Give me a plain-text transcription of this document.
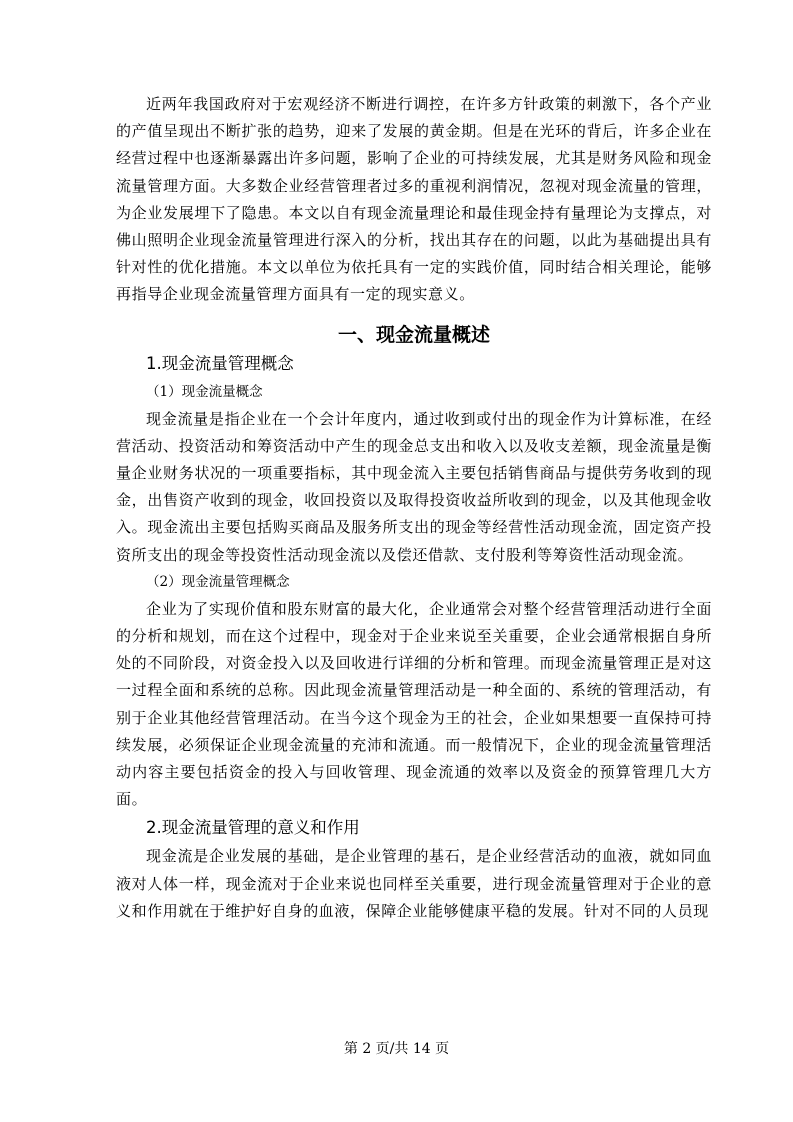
近两年我国政府对于宏观经济不断进行调控，在许多方针政策的刺激下，各个产业的产值呈现出不断扩张的趋势，迎来了发展的黄金期。但是在光环的背后，许多企业在经营过程中也逐渐暴露出许多问题，影响了企业的可持续发展，尤其是财务风险和现金流量管理方面。大多数企业经营管理者过多的重视利润情况，忽视对现金流量的管理，为企业发展埋下了隐患。本文以自有现金流量理论和最佳现金持有量理论为支撑点，对佛山照明企业现金流量管理进行深入的分析，找出其存在的问题，以此为基础提出具有针对性的优化措施。本文以单位为依托具有一定的实践价值，同时结合相关理论，能够再指导企业现金流量管理方面具有一定的现实意义。

一、现金流量概述

1.现金流量管理概念

（1）现金流量概念

现金流量是指企业在一个会计年度内，通过收到或付出的现金作为计算标准，在经营活动、投资活动和筹资活动中产生的现金总支出和收入以及收支差额，现金流量是衡量企业财务状况的一项重要指标，其中现金流入主要包括销售商品与提供劳务收到的现金，出售资产收到的现金，收回投资以及取得投资收益所收到的现金，以及其他现金收入。现金流出主要包括购买商品及服务所支出的现金等经营性活动现金流，固定资产投资所支出的现金等投资性活动现金流以及偿还借款、支付股利等筹资性活动现金流。

（2）现金流量管理概念

企业为了实现价值和股东财富的最大化，企业通常会对整个经营管理活动进行全面的分析和规划，而在这个过程中，现金对于企业来说至关重要，企业会通常根据自身所处的不同阶段，对资金投入以及回收进行详细的分析和管理。而现金流量管理正是对这一过程全面和系统的总称。因此现金流量管理活动是一种全面的、系统的管理活动，有别于企业其他经营管理活动。在当今这个现金为王的社会，企业如果想要一直保持可持续发展，必须保证企业现金流量的充沛和流通。而一般情况下，企业的现金流量管理活动内容主要包括资金的投入与回收管理、现金流通的效率以及资金的预算管理几大方面。

2.现金流量管理的意义和作用

现金流是企业发展的基础，是企业管理的基石，是企业经营活动的血液，就如同血液对人体一样，现金流对于企业来说也同样至关重要，进行现金流量管理对于企业的意义和作用就在于维护好自身的血液，保障企业能够健康平稳的发展。针对不同的人员现

第 2 页/共 14 页
